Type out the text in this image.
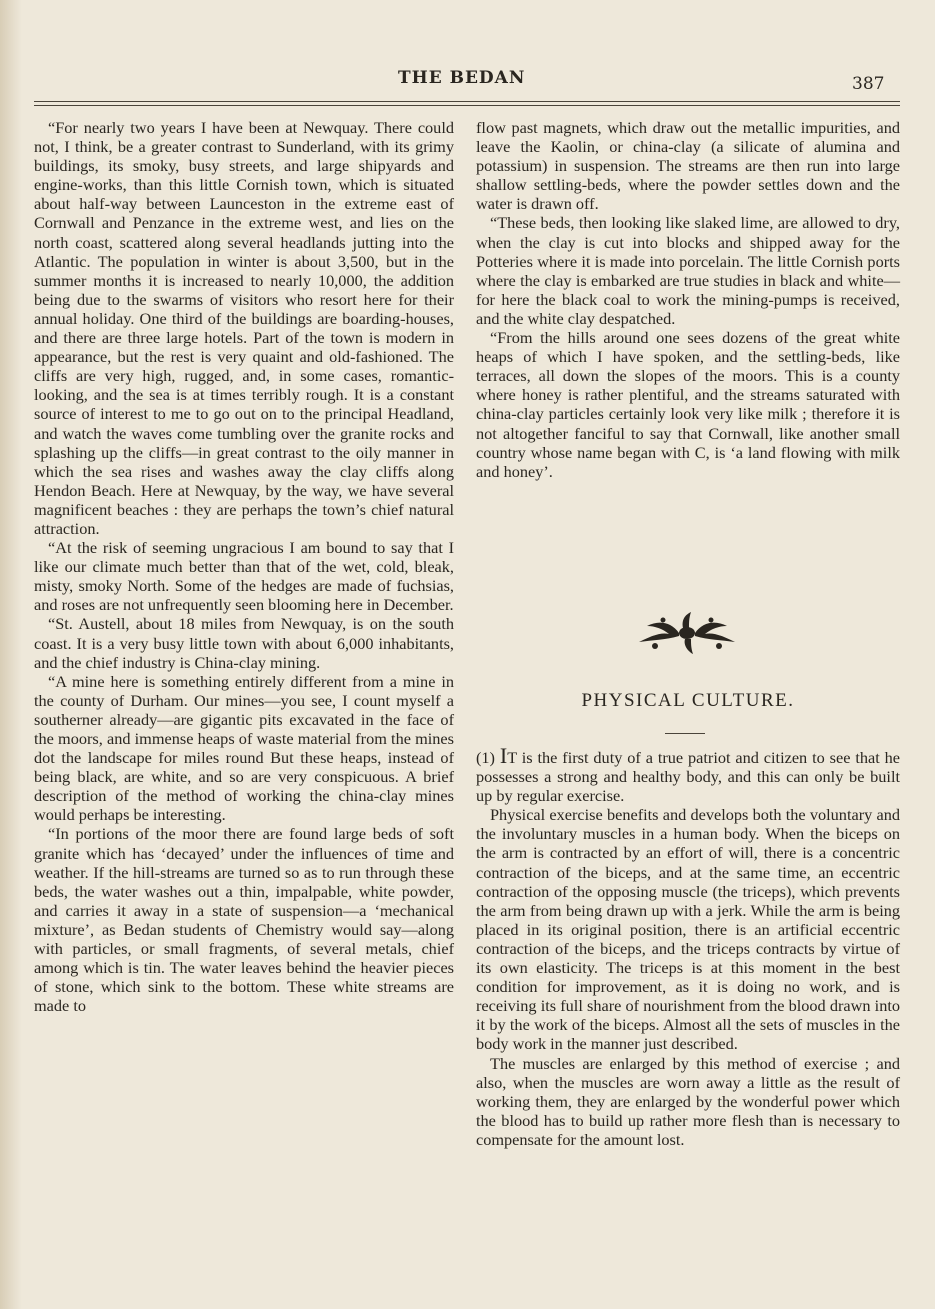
THE BEDAN	387

“For nearly two years I have been at Newquay. There could not, I think, be a greater contrast to Sunderland, with its grimy buildings, its smoky, busy streets, and large shipyards and engine-works, than this little Cornish town, which is situated about half-way between Launceston in the extreme east of Cornwall and Penzance in the extreme west, and lies on the north coast, scattered along several headlands jutting into the Atlantic. The population in winter is about 3,500, but in the summer months it is increased to nearly 10,000, the addition being due to the swarms of visitors who resort here for their annual holiday. One third of the buildings are boarding-houses, and there are three large hotels. Part of the town is modern in appearance, but the rest is very quaint and old-fashioned. The cliffs are very high, rugged, and, in some cases, romantic-looking, and the sea is at times terribly rough. It is a constant source of interest to me to go out on to the principal Headland, and watch the waves come tumbling over the granite rocks and splashing up the cliffs—in great contrast to the oily manner in which the sea rises and washes away the clay cliffs along Hendon Beach. Here at Newquay, by the way, we have several magnificent beaches : they are perhaps the town’s chief natural attraction.

“At the risk of seeming ungracious I am bound to say that I like our climate much better than that of the wet, cold, bleak, misty, smoky North. Some of the hedges are made of fuchsias, and roses are not unfrequently seen blooming here in December.

“St. Austell, about 18 miles from Newquay, is on the south coast. It is a very busy little town with about 6,000 inhabitants, and the chief industry is China-clay mining.

“A mine here is something entirely different from a mine in the county of Durham. Our mines—you see, I count myself a southerner already—are gigantic pits excavated in the face of the moors, and immense heaps of waste material from the mines dot the landscape for miles round But these heaps, instead of being black, are white, and so are very conspicuous. A brief description of the method of working the china-clay mines would perhaps be interesting.

“In portions of the moor there are found large beds of soft granite which has ‘decayed’ under the influences of time and weather. If the hill-streams are turned so as to run through these beds, the water washes out a thin, impalpable, white powder, and carries it away in a state of suspension—a ‘mechanical mixture’, as Bedan students of Chemistry would say—along with particles, or small fragments, of several metals, chief among which is tin. The water leaves behind the heavier pieces of stone, which sink to the bottom. These white streams are made to

flow past magnets, which draw out the metallic impurities, and leave the Kaolin, or china-clay (a silicate of alumina and potassium) in suspension. The streams are then run into large shallow settling-beds, where the powder settles down and the water is drawn off.

“These beds, then looking like slaked lime, are allowed to dry, when the clay is cut into blocks and shipped away for the Potteries where it is made into porcelain. The little Cornish ports where the clay is embarked are true studies in black and white—for here the black coal to work the mining-pumps is received, and the white clay despatched.

“From the hills around one sees dozens of the great white heaps of which I have spoken, and the settling-beds, like terraces, all down the slopes of the moors. This is a county where honey is rather plentiful, and the streams saturated with china-clay particles certainly look very like milk ; therefore it is not altogether fanciful to say that Cornwall, like another small country whose name began with C, is ‘a land flowing with milk and honey’.

PHYSICAL CULTURE.

(1) IT is the first duty of a true patriot and citizen to see that he possesses a strong and healthy body, and this can only be built up by regular exercise.

Physical exercise benefits and develops both the voluntary and the involuntary muscles in a human body. When the biceps on the arm is contracted by an effort of will, there is a concentric contraction of the biceps, and at the same time, an eccentric contraction of the opposing muscle (the triceps), which prevents the arm from being drawn up with a jerk. While the arm is being placed in its original position, there is an artificial eccentric contraction of the biceps, and the triceps contracts by virtue of its own elasticity. The triceps is at this moment in the best condition for improvement, as it is doing no work, and is receiving its full share of nourishment from the blood drawn into it by the work of the biceps. Almost all the sets of muscles in the body work in the manner just described.

The muscles are enlarged by this method of exercise ; and also, when the muscles are worn away a little as the result of working them, they are enlarged by the wonderful power which the blood has to build up rather more flesh than is necessary to compensate for the amount lost.
